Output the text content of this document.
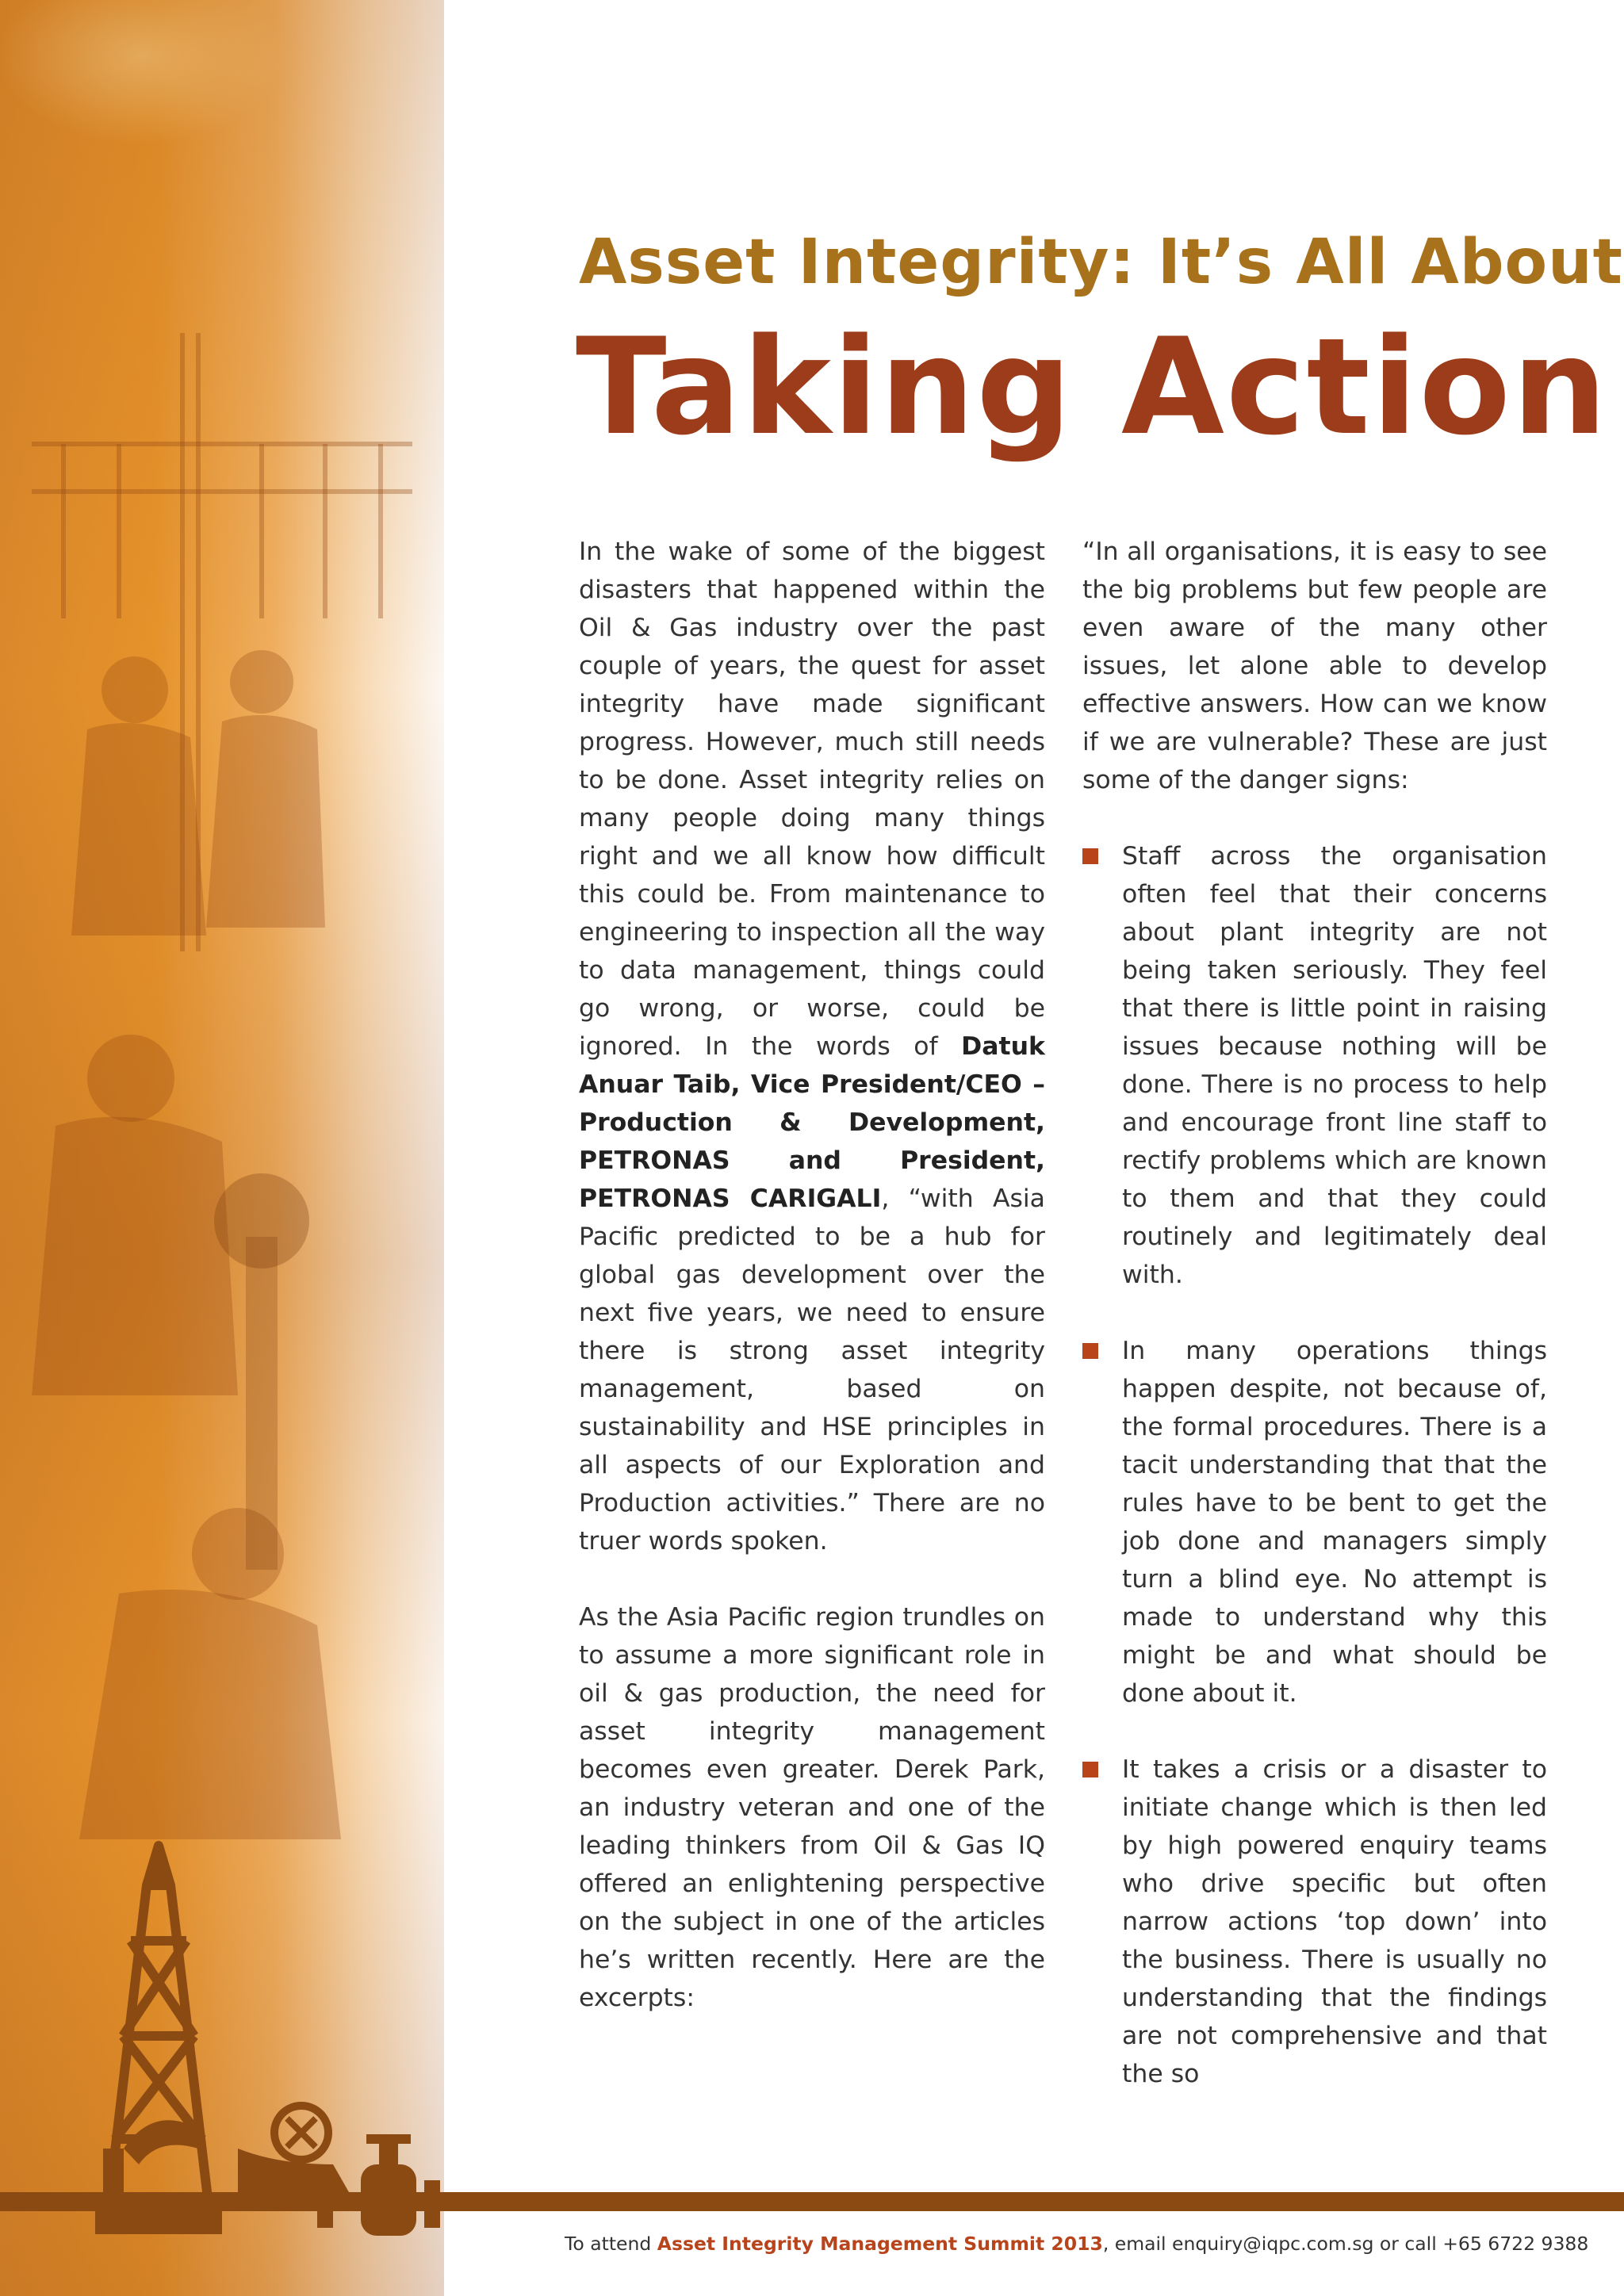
Asset Integrity: It’s All About
Taking Action

In the wake of some of the biggest disasters that happened within the Oil & Gas industry over the past couple of years, the quest for asset integrity have made significant progress. However, much still needs to be done. Asset integrity relies on many people doing many things right and we all know how difficult this could be. From maintenance to engineering to inspection all the way to data management, things could go wrong, or worse, could be ignored. In the words of Datuk Anuar Taib, Vice President/CEO – Production & Development, PETRONAS and President, PETRONAS CARIGALI, “with Asia Pacific predicted to be a hub for global gas development over the next five years, we need to ensure there is strong asset integrity management, based on sustainability and HSE principles in all aspects of our Exploration and Production activities.” There are no truer words spoken.

As the Asia Pacific region trundles on to assume a more significant role in oil & gas production, the need for asset integrity management becomes even greater. Derek Park, an industry veteran and one of the leading thinkers from Oil & Gas IQ offered an enlightening perspective on the subject in one of the articles he’s written recently. Here are the excerpts:

“In all organisations, it is easy to see the big problems but few people are even aware of the many other issues, let alone able to develop effective answers. How can we know if we are vulnerable? These are just some of the danger signs:

Staff across the organisation often feel that their concerns about plant integrity are not being taken seriously. They feel that there is little point in raising issues because nothing will be done. There is no process to help and encourage front line staff to rectify problems which are known to them and that they could routinely and legitimately deal with.
In many operations things happen despite, not because of, the formal procedures. There is a tacit understanding that that the rules have to be bent to get the job done and managers simply turn a blind eye. No attempt is made to understand why this might be and what should be done about it.
It takes a crisis or a disaster to initiate change which is then led by high powered enquiry teams who drive specific but often narrow actions ‘top down’ into the business. There is usually no understanding that the findings are not comprehensive and that the so
To attend Asset Integrity Management Summit 2013, email enquiry@iqpc.com.sg or call +65 6722 9388
